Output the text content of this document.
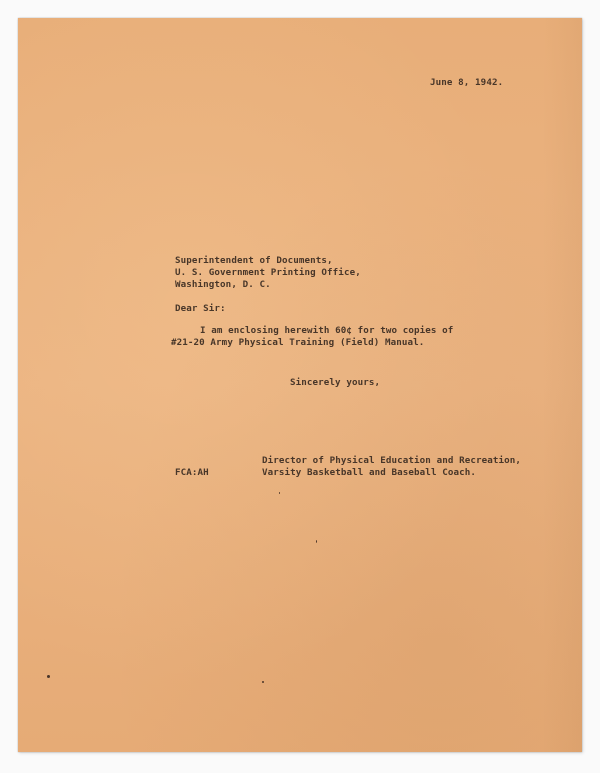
June 8, 1942.
Superintendent of Documents,
U. S. Government Printing Office,
Washington, D. C.
Dear Sir:
I am enclosing herewith 60¢ for two copies of
#21-20 Army Physical Training (Field) Manual.
Sincerely yours,
Director of Physical Education and Recreation,
Varsity Basketball and Baseball Coach.
FCA:AH
